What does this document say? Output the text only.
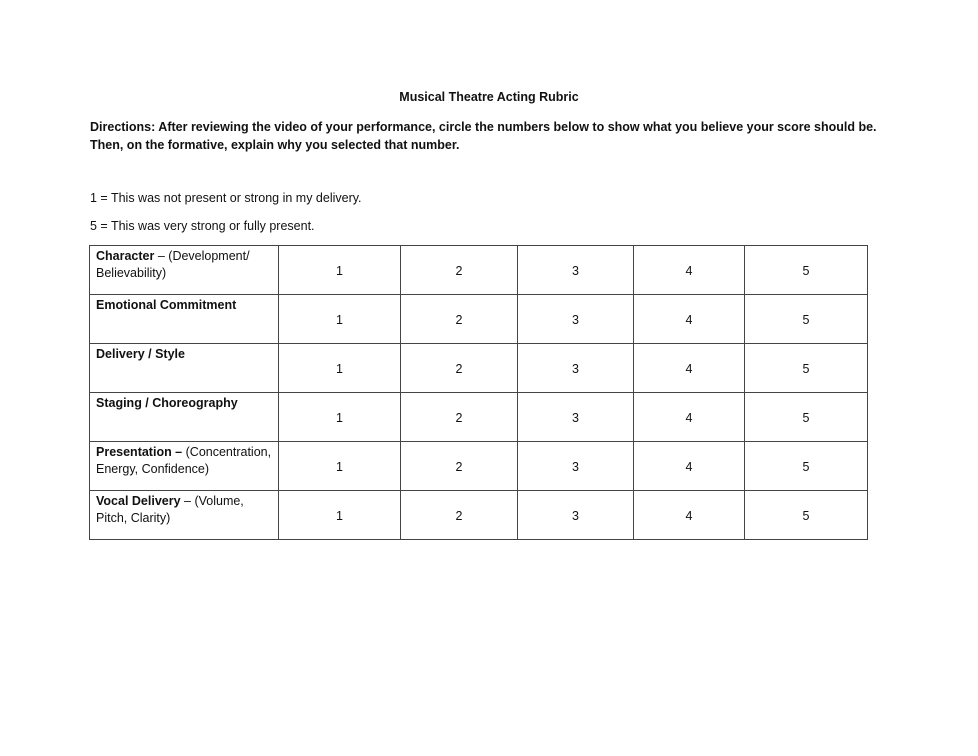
Musical Theatre Acting Rubric
Directions: After reviewing the video of your performance, circle the numbers below to show what you believe your score should be. Then, on the formative, explain why you selected that number.
1 = This was not present or strong in my delivery.
5 = This was very strong or fully present.
Character – (Development/ Believability)	1	2	3	4	5
Emotional Commitment	1	2	3	4	5
Delivery / Style	1	2	3	4	5
Staging / Choreography	1	2	3	4	5
Presentation – (Concentration, Energy, Confidence)	1	2	3	4	5
Vocal Delivery – (Volume, Pitch, Clarity)	1	2	3	4	5
